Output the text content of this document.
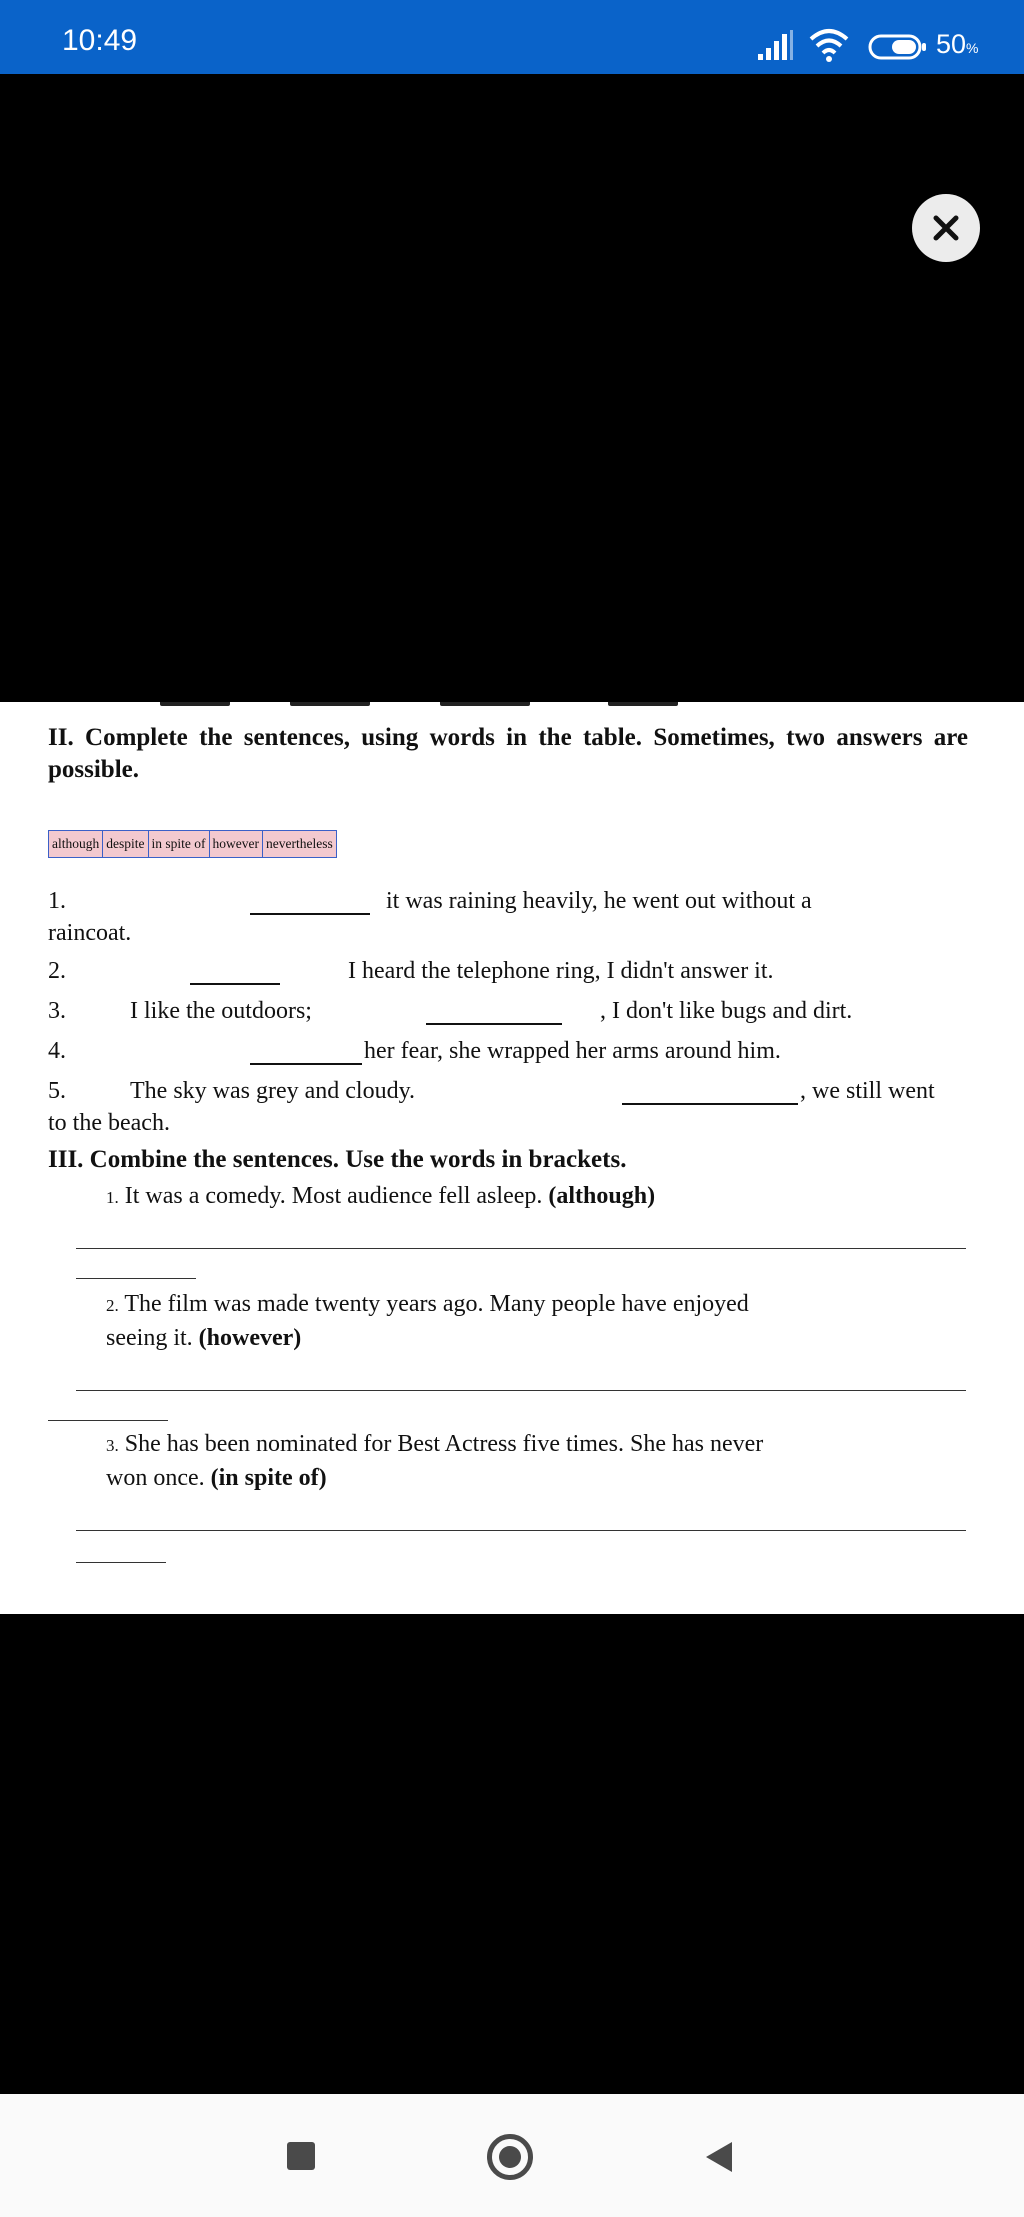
10:49	50%
II. Complete the sentences, using words in the table. Sometimes, two answers are possible.
although despite in spite of however nevertheless
1.	it was raining heavily, he went out without a
raincoat.
2.	I heard the telephone ring, I didn't answer it.
3.	I like the outdoors;	, I don't like bugs and dirt.
4.	her fear, she wrapped her arms around him.
5.	The sky was grey and cloudy.	, we still went
to the beach.
III. Combine the sentences. Use the words in brackets.
1. It was a comedy. Most audience fell asleep. (although)
2. The film was made twenty years ago. Many people have enjoyed
seeing it. (however)
3. She has been nominated for Best Actress five times. She has never
won once. (in spite of)
